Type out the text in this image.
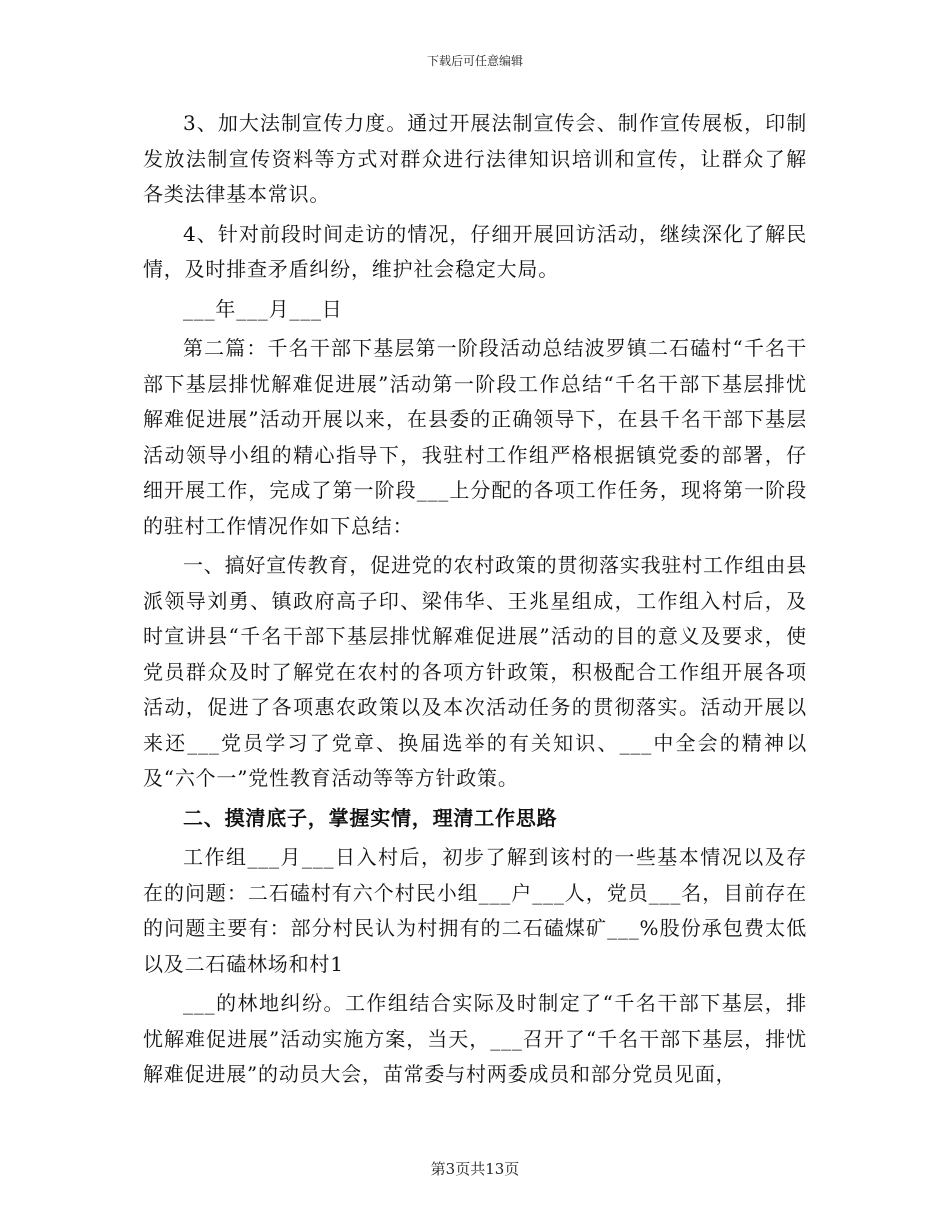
下载后可任意编辑

3、加大法制宣传力度。通过开展法制宣传会、制作宣传展板，印制发放法制宣传资料等方式对群众进行法律知识培训和宣传，让群众了解各类法律基本常识。

4、针对前段时间走访的情况，仔细开展回访活动，继续深化了解民情，及时排查矛盾纠纷，维护社会稳定大局。

___年___月___日

第二篇：千名干部下基层第一阶段活动总结波罗镇二石磕村“千名干部下基层排忧解难促进展”活动第一阶段工作总结“千名干部下基层排忧解难促进展”活动开展以来，在县委的正确领导下，在县千名干部下基层活动领导小组的精心指导下，我驻村工作组严格根据镇党委的部署，仔细开展工作，完成了第一阶段___上分配的各项工作任务，现将第一阶段的驻村工作情况作如下总结：

一、搞好宣传教育，促进党的农村政策的贯彻落实我驻村工作组由县派领导刘勇、镇政府高子印、梁伟华、王兆星组成，工作组入村后，及时宣讲县“千名干部下基层排忧解难促进展”活动的目的意义及要求，使党员群众及时了解党在农村的各项方针政策，积极配合工作组开展各项活动，促进了各项惠农政策以及本次活动任务的贯彻落实。活动开展以来还___党员学习了党章、换届选举的有关知识、___中全会的精神以及“六个一”党性教育活动等等方针政策。

二、摸清底子，掌握实情，理清工作思路

工作组___月___日入村后，初步了解到该村的一些基本情况以及存在的问题：二石磕村有六个村民小组___户___人，党员___名，目前存在的问题主要有：部分村民认为村拥有的二石磕煤矿___%股份承包费太低以及二石磕林场和村1

___的林地纠纷。工作组结合实际及时制定了“千名干部下基层，排忧解难促进展”活动实施方案，当天，___召开了“千名干部下基层，排忧解难促进展”的动员大会，苗常委与村两委成员和部分党员见面，

第3页共13页
